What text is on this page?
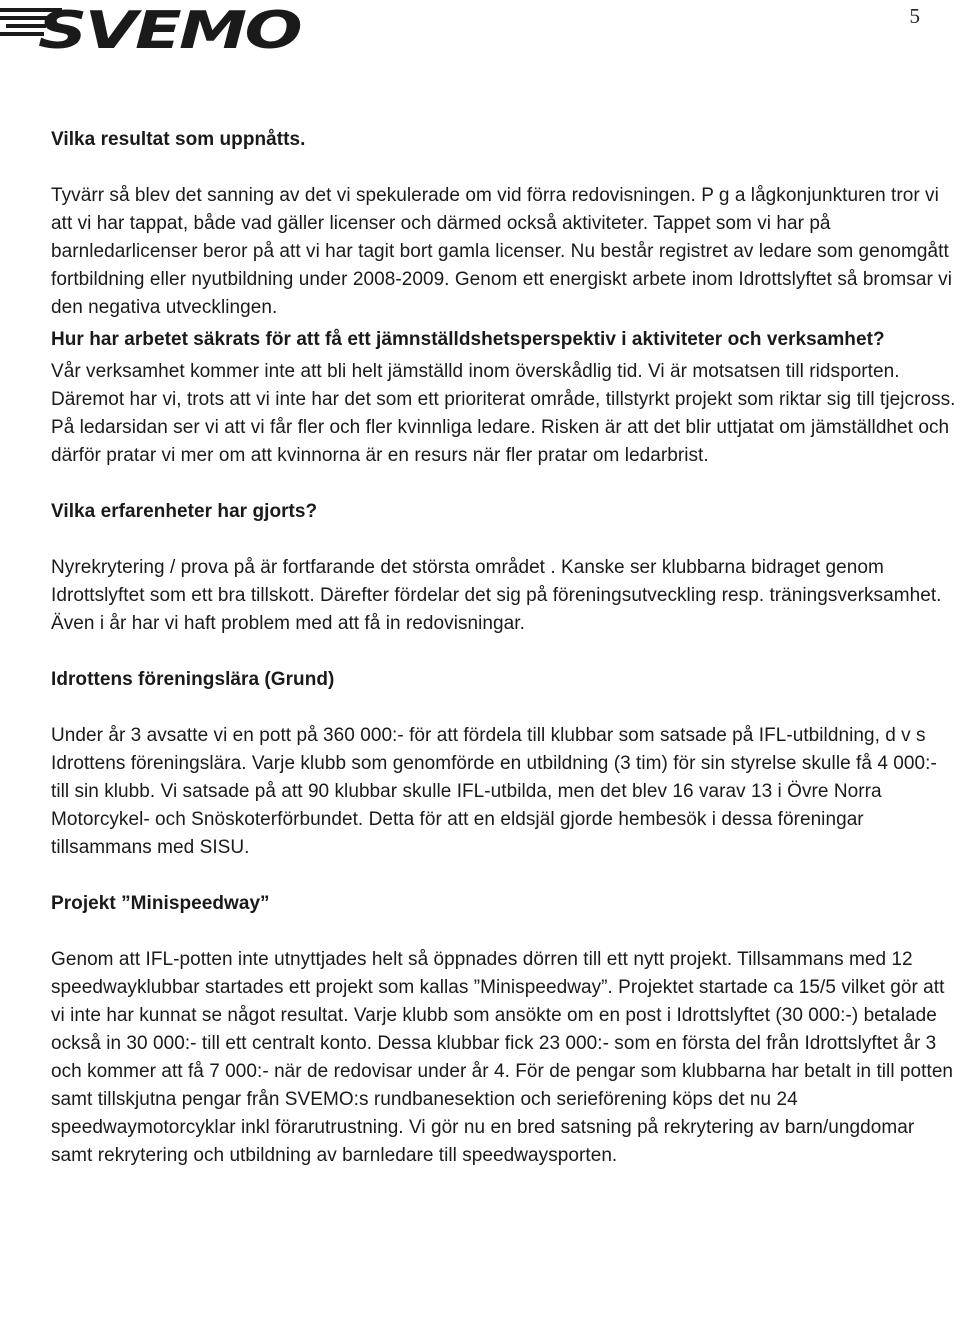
SVEMO	5
Vilka resultat som uppnåtts.

Tyvärr så blev det sanning av det vi spekulerade om vid förra redovisningen. P g a lågkonjunkturen tror vi att vi har tappat, både vad gäller licenser och därmed också aktiviteter. Tappet som vi har på barnledarlicenser beror på att vi har tagit bort gamla licenser. Nu består registret av ledare som genomgått fortbildning eller nyutbildning under 2008-2009. Genom ett energiskt arbete inom Idrottslyftet så bromsar vi den negativa utvecklingen.

Hur har arbetet säkrats för att få ett jämnställdshetsperspektiv i aktiviteter och verksamhet?

Vår verksamhet kommer inte att bli helt jämställd inom överskådlig tid. Vi är motsatsen till ridsporten. Däremot har vi, trots att vi inte har det som ett prioriterat område, tillstyrkt projekt som riktar sig till tjejcross. På ledarsidan ser vi att vi får fler och fler kvinnliga ledare. Risken är att det blir uttjatat om jämställdhet och därför pratar vi mer om att kvinnorna är en resurs när fler pratar om ledarbrist.

Vilka erfarenheter har gjorts?

Nyrekrytering / prova på är fortfarande det största området . Kanske ser klubbarna bidraget genom Idrottslyftet som ett bra tillskott. Därefter fördelar det sig på föreningsutveckling resp. träningsverksamhet. Även i år har vi haft problem med att få in redovisningar.

Idrottens föreningslära (Grund)

Under år 3 avsatte vi en pott på 360 000:- för att fördela till klubbar som satsade på IFL-utbildning, d v s Idrottens föreningslära. Varje klubb som genomförde en utbildning (3 tim) för sin styrelse skulle få 4 000:- till sin klubb. Vi satsade på att 90 klubbar skulle IFL-utbilda, men det blev 16 varav 13 i Övre Norra Motorcykel- och Snöskoterförbundet. Detta för att en eldsjäl gjorde hembesök i dessa föreningar tillsammans med SISU.

Projekt ”Minispeedway”

Genom att IFL-potten inte utnyttjades helt så öppnades dörren till ett nytt projekt. Tillsammans med 12 speedwayklubbar startades ett projekt som kallas ”Minispeedway”. Projektet startade ca 15/5 vilket gör att vi inte har kunnat se något resultat. Varje klubb som ansökte om en post i Idrottslyftet (30 000:-) betalade också in 30 000:- till ett centralt konto. Dessa klubbar fick 23 000:- som en första del från Idrottslyftet år 3 och kommer att få 7 000:- när de redovisar under år 4. För de pengar som klubbarna har betalt in till potten samt tillskjutna pengar från SVEMO:s rundbanesektion och serieförening köps det nu 24 speedwaymotorcyklar inkl förarutrustning. Vi gör nu en bred satsning på rekrytering av barn/ungdomar samt rekrytering och utbildning av barnledare till speedwaysporten.
